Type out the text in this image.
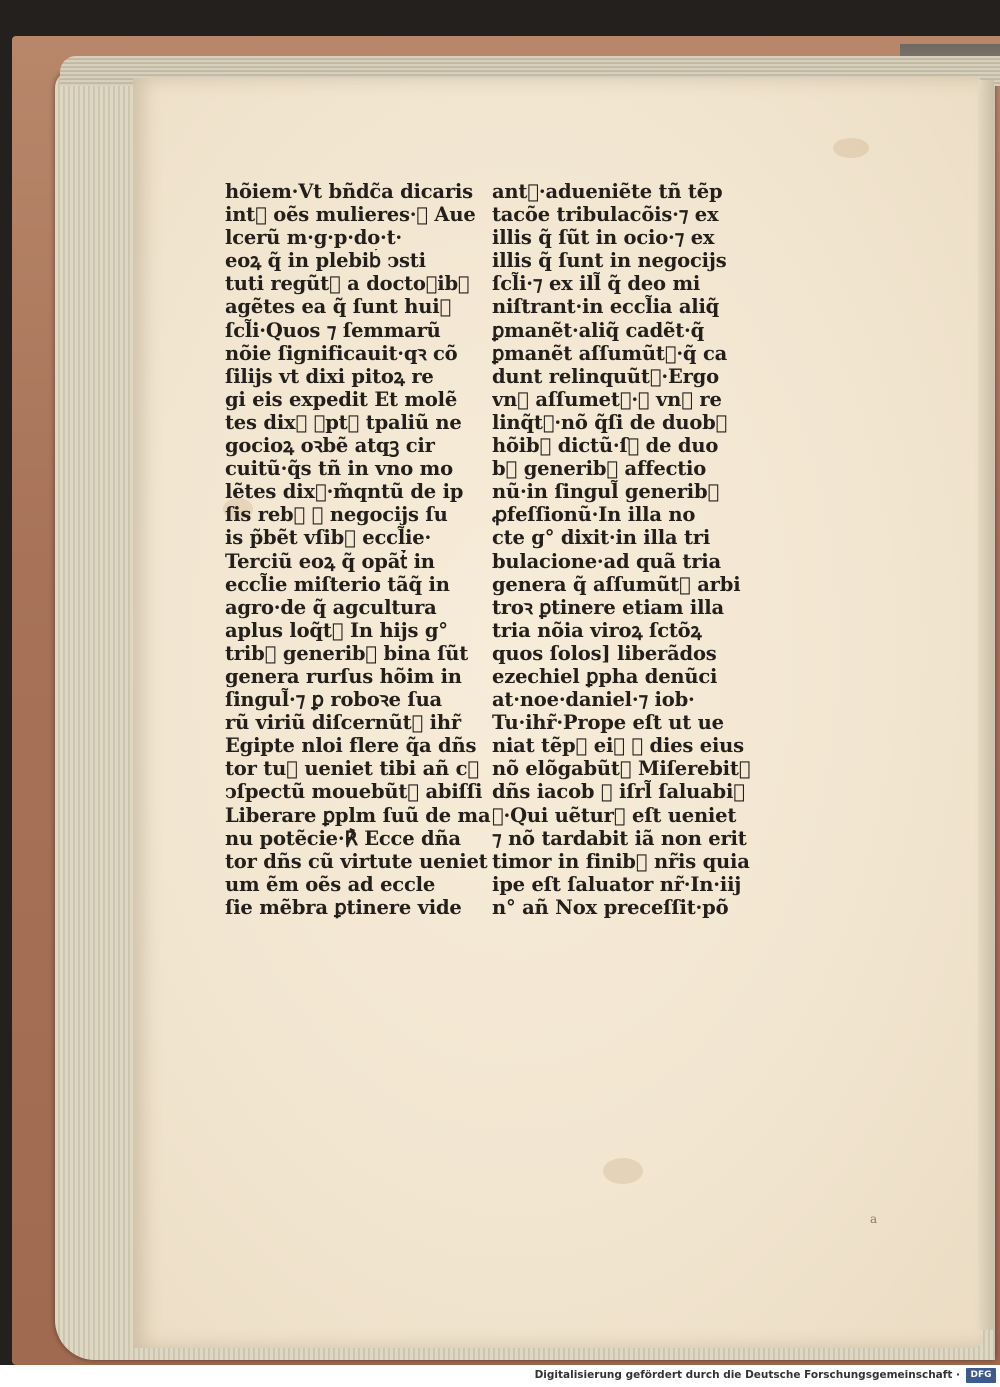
hõiem·Vt bñdc̃a dicaris
int᷒ oẽs mulieres·℟ Aue
lcerũ m·g·p·do·t·
eoꝝ q̃ in plebib᷒ ↄsti
tuti regũt᷒ a doctoꝛibꝫ
agẽtes ea q̃ ſunt hui᷒
ſcl̃i·Quos ⁊ ſemmarũ
nõie ſignificauit·qꝛ cõ
ſilijs vt dixi pitoꝝ re
gi eis expedit Et molẽ
tes dix᷑ ꝑpt᷒ tpaliũ ne
gocioꝝ oꝛbẽ atqꝫ cir
cuitũ·q̃s tñ in vno mo
lẽtes dix᷑·m̃qntũ de ip
ſis reb᷒ ⁊ negocijs ſu
is p̃bẽt vſib᷒ eccl̃ie·
Terciũ eoꝝ q̃ opãt᷒ in
eccl̃ie miſterio tãq̃ in
agro·de q̃ agcultura
aplus loq̃t᷒ In hijs g°
trib᷒ generibꝫ bina ſũt
genera rurſus hõim in
ſingul̃·⁊ ꝑ roboꝛe ſua
rũ viriũ diſcernũt᷒ ihr̃
Egipte nloi flere q̃a dñs
tor tu᷒ ueniet tibi añ c᷒
ↄſpectũ mouebũt᷒ abiſſi
Liberare ꝑplm ſuũ de ma
nu potẽcie·℟ Ecce dña
tor dñs cũ virtute ueniet
um ẽm oẽs ad eccle
ſie mẽbra ꝑtinere vide
ant᷒·adueniẽte tñ tẽp
tacõe tribulacõis·⁊ ex
illis q̃ ſũt in ocio·⁊ ex
illis q̃ ſunt in negocijs
ſcl̃i·⁊ ex ill̃ q̃ deo mi
niſtrant·in eccl̃ia aliq̃
ꝑmanẽt·aliq̃ cadẽt·q̃
ꝑmanẽt aſſumũt᷒·q̃ ca
dunt relinquũt᷒·Ergo
vn᷒ aſſumet᷒·⁊ vn᷒ re
linq̃t᷒·nõ q̃ſi de duobꝫ
hõib᷒ dictũ·ſꝫ de duo
b᷒ generib᷒ affectio
nũ·in ſingul̃ generib᷒
ꝓfeſſionũ·In illa no
cte g° dixit·in illa tri
bulacione·ad quã tria
genera q̃ aſſumũt᷒ arbi
troꝛ ꝑtinere etiam illa
tria nõia viroꝝ ſctõꝝ
quos ſolos] liberãdos
ezechiel ꝑpha denũci
at·noe·daniel·⁊ iob·
Tu·ihr̃·Prope eſt ut ue
niat tẽp᷒ ei᷒ ⁊ dies eius
nõ elõgabũt᷒ Miſerebit᷒
dñs iacob ⁊ iſrl̃ ſaluabi᷒
℟·Qui uẽtur᷒ eſt ueniet
⁊ nõ tardabit iã non erit
timor in finib᷒ nr̃is quia
ipe eſt ſaluator nr̃·In·iij
n° añ Nox preceſſit·põ
a
Digitalisierung gefördert durch die Deutsche Forschungsgemeinschaft ·	DFG
